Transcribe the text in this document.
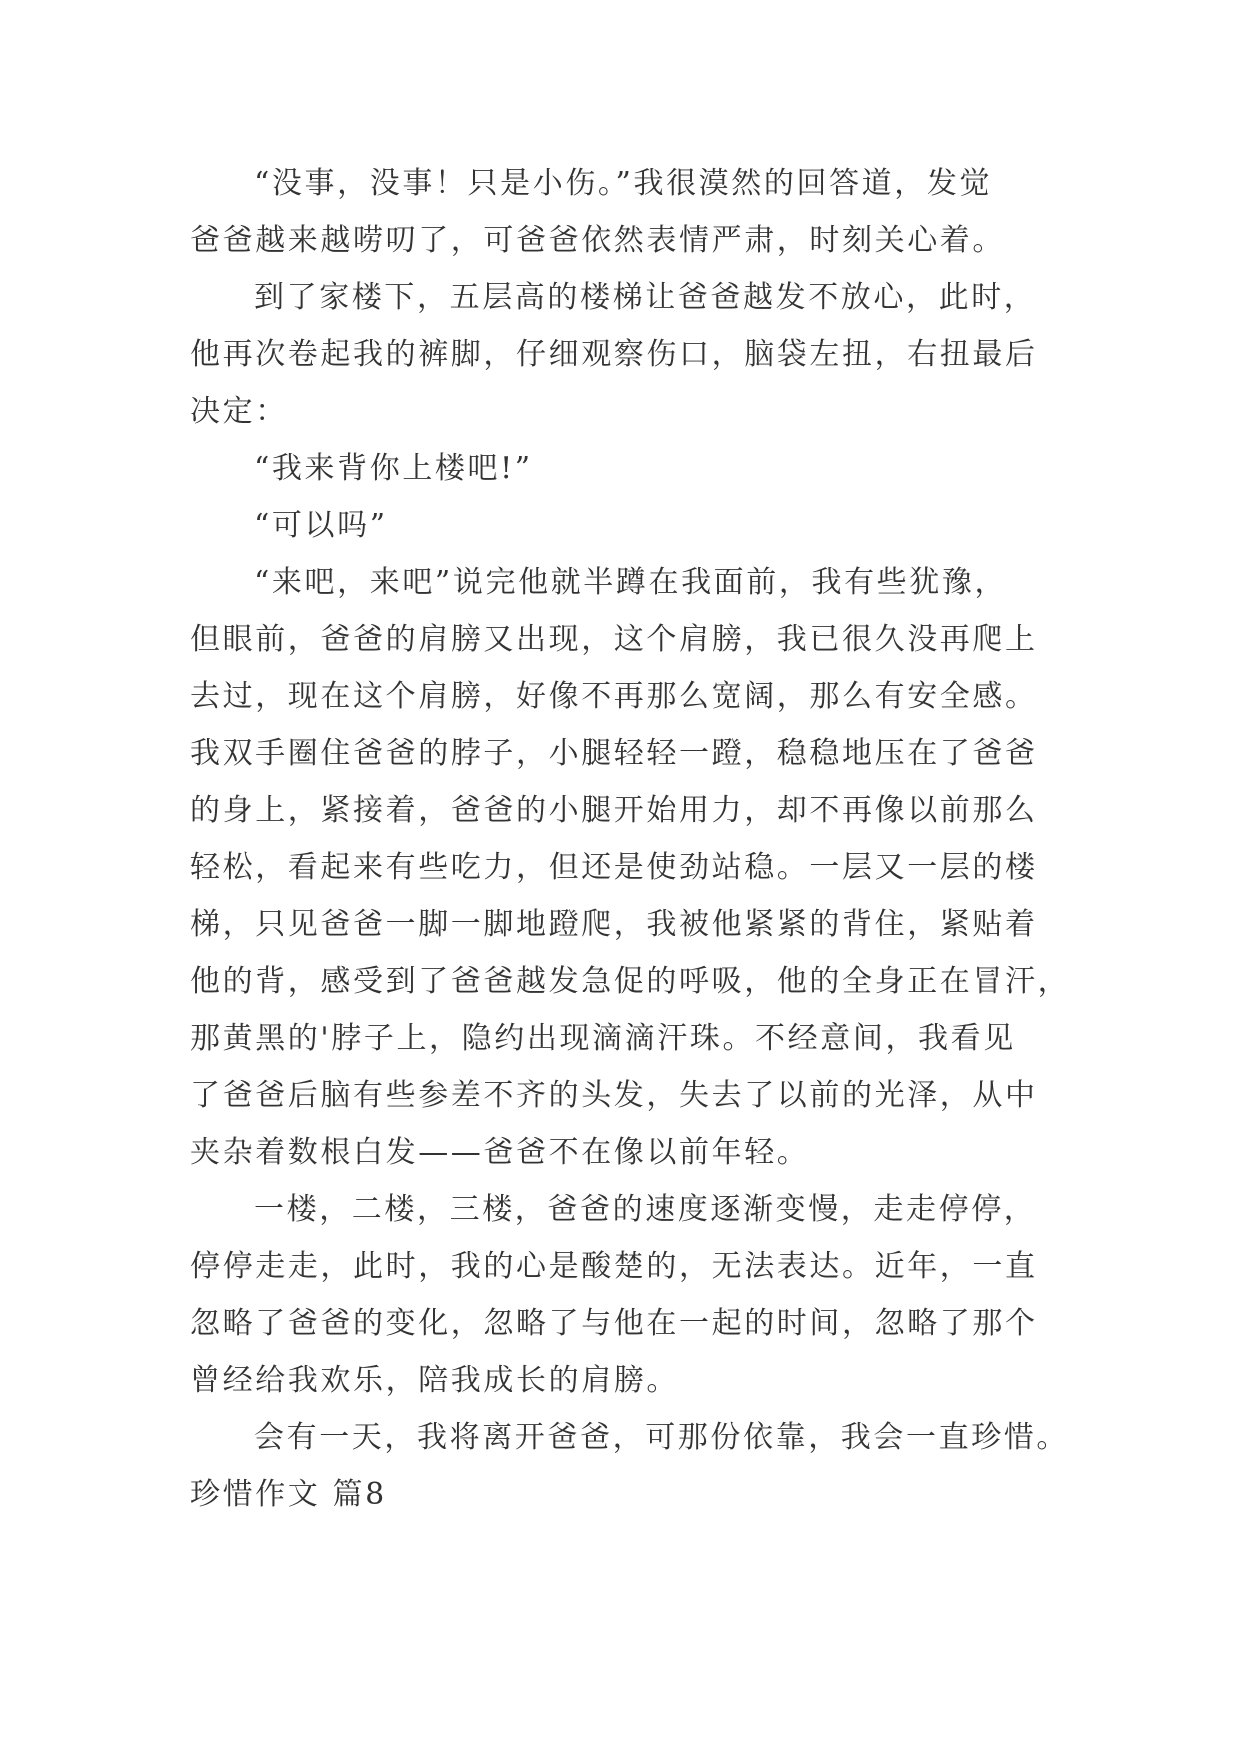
“没事，没事！只是小伤。”我很漠然的回答道，发觉
爸爸越来越唠叨了，可爸爸依然表情严肃，时刻关心着。
到了家楼下，五层高的楼梯让爸爸越发不放心，此时，
他再次卷起我的裤脚，仔细观察伤口，脑袋左扭，右扭最后
决定：
“我来背你上楼吧!”
“可以吗”
“来吧，来吧”说完他就半蹲在我面前，我有些犹豫，
但眼前，爸爸的肩膀又出现，这个肩膀，我已很久没再爬上
去过，现在这个肩膀，好像不再那么宽阔，那么有安全感。
我双手圈住爸爸的脖子，小腿轻轻一蹬，稳稳地压在了爸爸
的身上，紧接着，爸爸的小腿开始用力，却不再像以前那么
轻松，看起来有些吃力，但还是使劲站稳。一层又一层的楼
梯，只见爸爸一脚一脚地蹬爬，我被他紧紧的背住，紧贴着
他的背，感受到了爸爸越发急促的呼吸，他的全身正在冒汗，
那黄黑的'脖子上，隐约出现滴滴汗珠。不经意间，我看见
了爸爸后脑有些参差不齐的头发，失去了以前的光泽，从中
夹杂着数根白发——爸爸不在像以前年轻。
一楼，二楼，三楼，爸爸的速度逐渐变慢，走走停停，
停停走走，此时，我的心是酸楚的，无法表达。近年，一直
忽略了爸爸的变化，忽略了与他在一起的时间，忽略了那个
曾经给我欢乐，陪我成长的肩膀。
会有一天，我将离开爸爸，可那份依靠，我会一直珍惜。
珍惜作文 篇8
